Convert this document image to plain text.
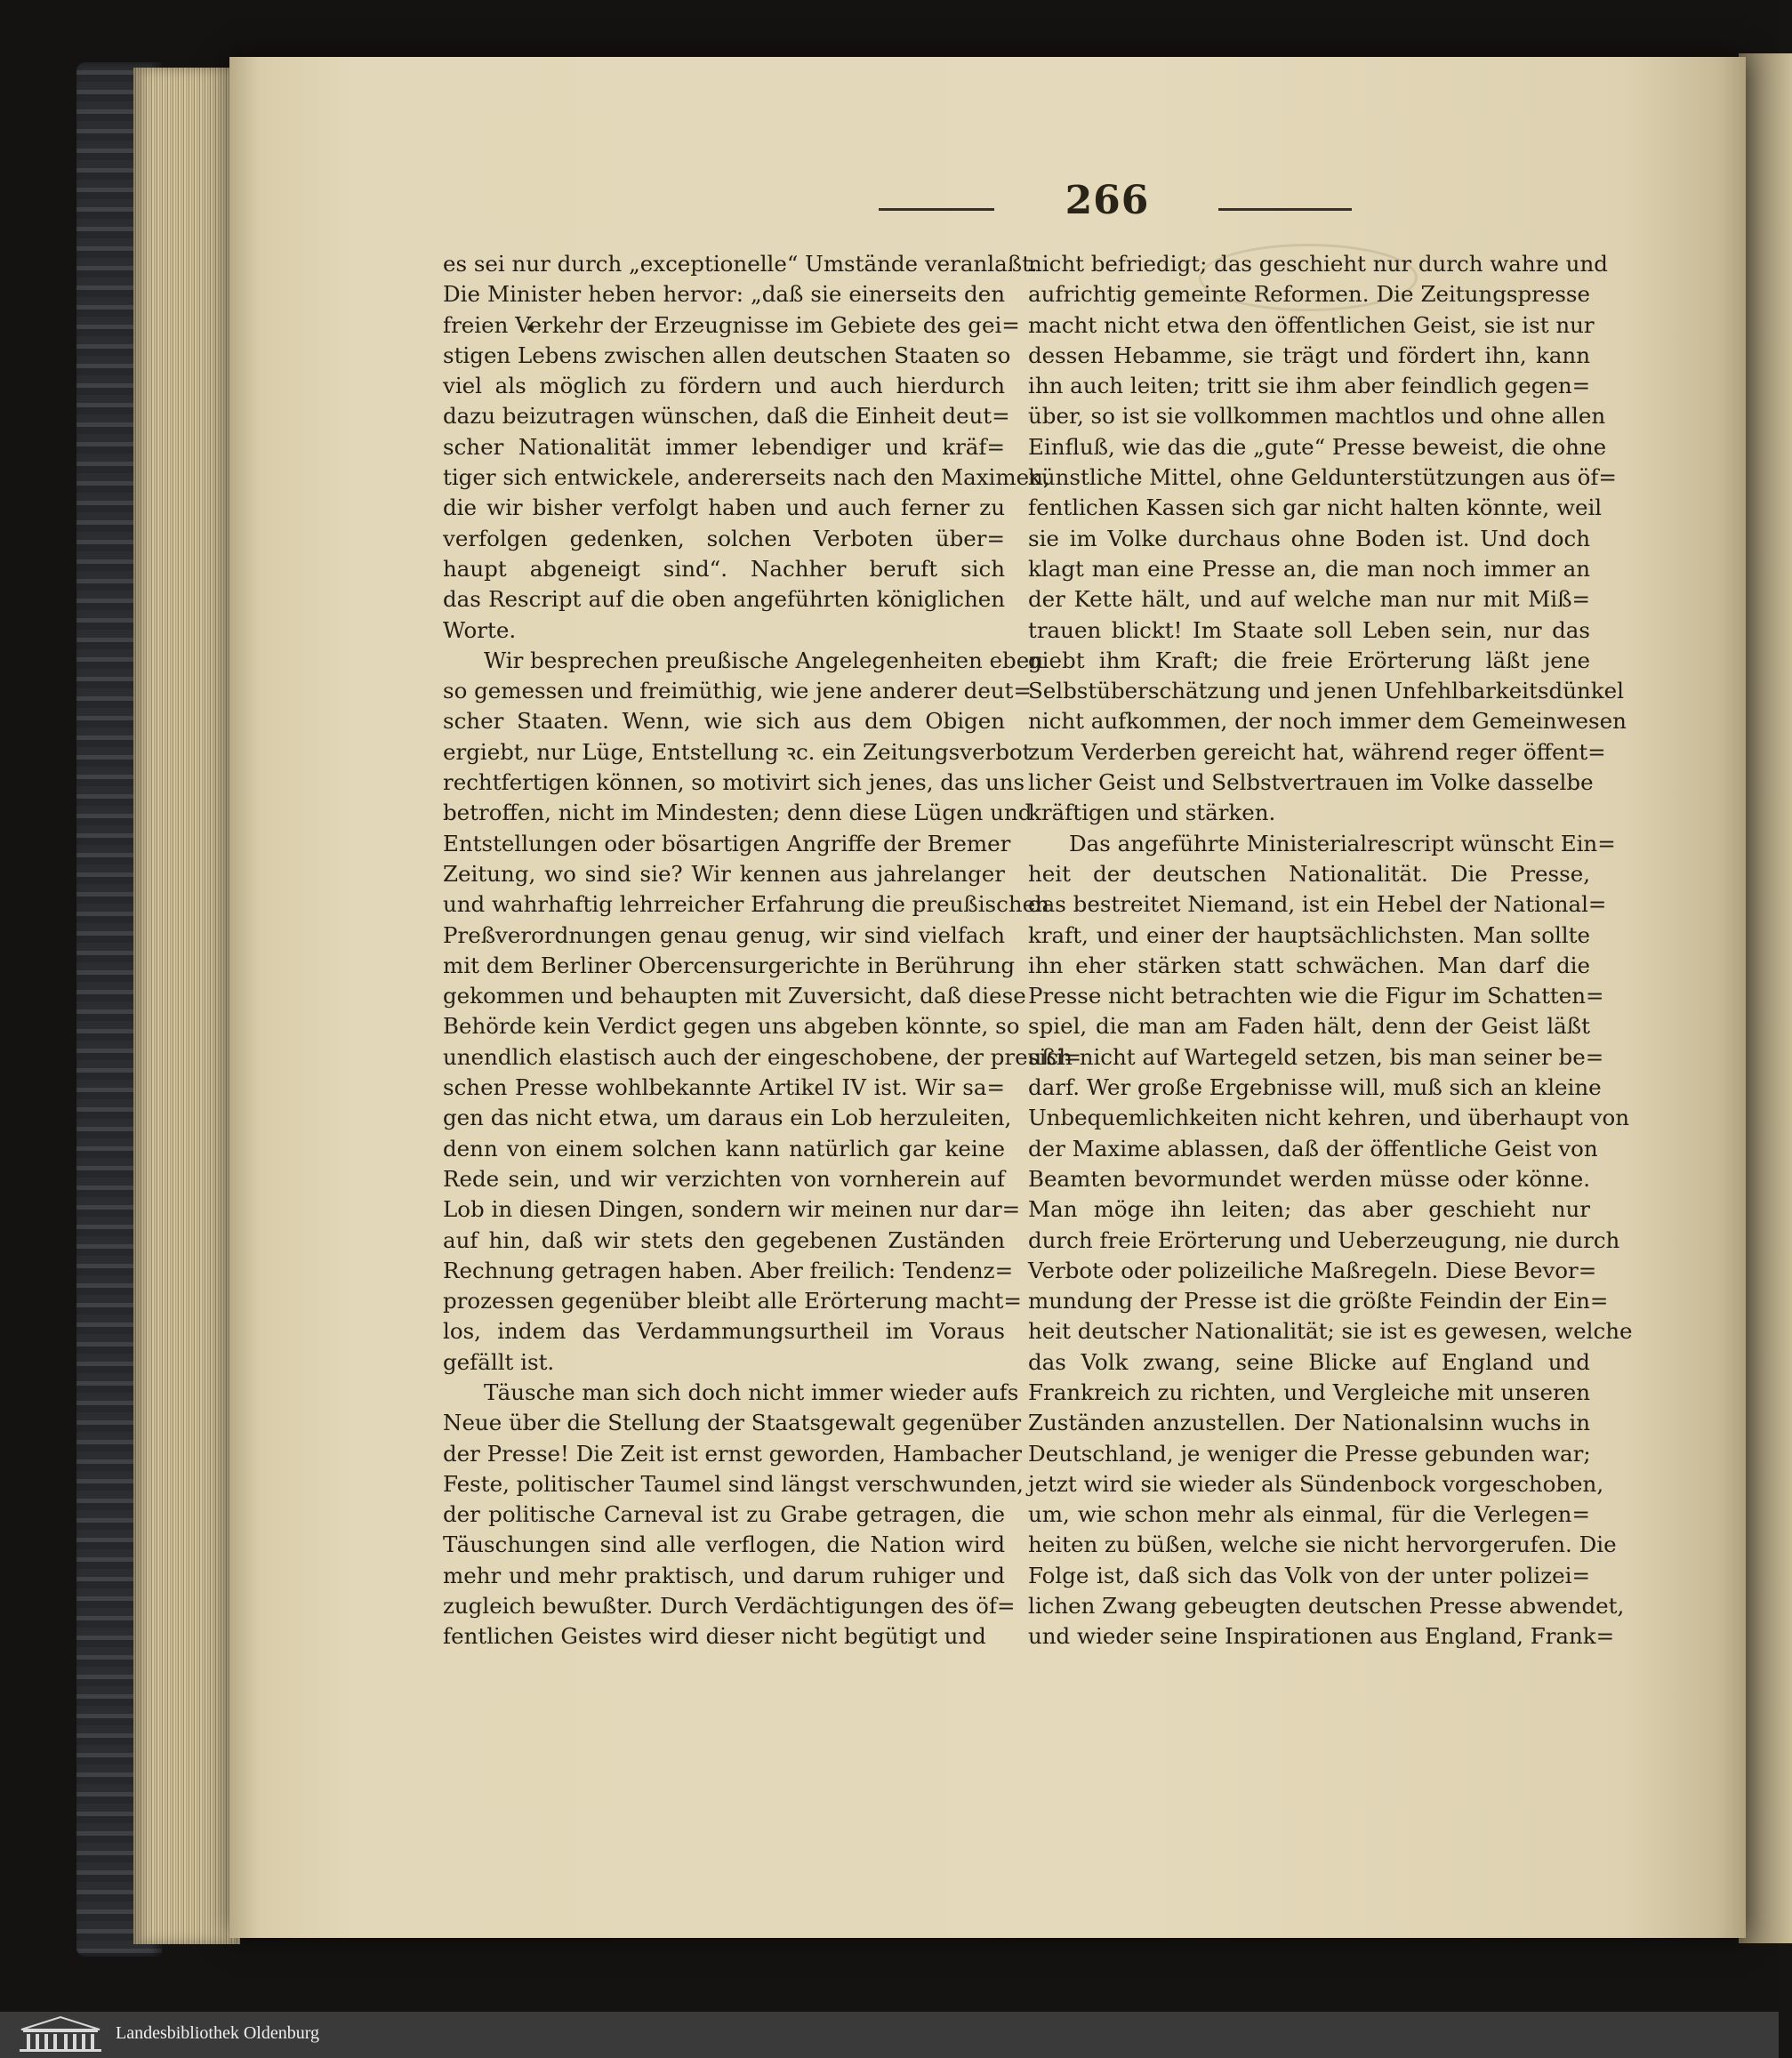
266
es sei nur durch „exceptionelle“ Umstände veranlaßt.
Die Minister heben hervor: „daß sie einerseits den
freien Verkehr der Erzeugnisse im Gebiete des gei=
stigen Lebens zwischen allen deutschen Staaten so
viel als möglich zu fördern und auch hierdurch
dazu beizutragen wünschen, daß die Einheit deut=
scher Nationalität immer lebendiger und kräf=
tiger sich entwickele, andererseits nach den Maximen,
die wir bisher verfolgt haben und auch ferner zu
verfolgen gedenken, solchen Verboten über=
haupt abgeneigt sind“. Nachher beruft sich
das Rescript auf die oben angeführten königlichen
Worte.
Wir besprechen preußische Angelegenheiten eben
so gemessen und freimüthig, wie jene anderer deut=
scher Staaten. Wenn, wie sich aus dem Obigen
ergiebt, nur Lüge, Entstellung ꝛc. ein Zeitungsverbot
rechtfertigen können, so motivirt sich jenes, das uns
betroffen, nicht im Mindesten; denn diese Lügen und
Entstellungen oder bösartigen Angriffe der Bremer
Zeitung, wo sind sie? Wir kennen aus jahrelanger
und wahrhaftig lehrreicher Erfahrung die preußischen
Preßverordnungen genau genug, wir sind vielfach
mit dem Berliner Obercensurgerichte in Berührung
gekommen und behaupten mit Zuversicht, daß diese
Behörde kein Verdict gegen uns abgeben könnte, so
unendlich elastisch auch der eingeschobene, der preußi=
schen Presse wohlbekannte Artikel IV ist. Wir sa=
gen das nicht etwa, um daraus ein Lob herzuleiten,
denn von einem solchen kann natürlich gar keine
Rede sein, und wir verzichten von vornherein auf
Lob in diesen Dingen, sondern wir meinen nur dar=
auf hin, daß wir stets den gegebenen Zuständen
Rechnung getragen haben. Aber freilich: Tendenz=
prozessen gegenüber bleibt alle Erörterung macht=
los, indem das Verdammungsurtheil im Voraus
gefällt ist.
Täusche man sich doch nicht immer wieder aufs
Neue über die Stellung der Staatsgewalt gegenüber
der Presse! Die Zeit ist ernst geworden, Hambacher
Feste, politischer Taumel sind längst verschwunden,
der politische Carneval ist zu Grabe getragen, die
Täuschungen sind alle verflogen, die Nation wird
mehr und mehr praktisch, und darum ruhiger und
zugleich bewußter. Durch Verdächtigungen des öf=
fentlichen Geistes wird dieser nicht begütigt und
nicht befriedigt; das geschieht nur durch wahre und
aufrichtig gemeinte Reformen. Die Zeitungspresse
macht nicht etwa den öffentlichen Geist, sie ist nur
dessen Hebamme, sie trägt und fördert ihn, kann
ihn auch leiten; tritt sie ihm aber feindlich gegen=
über, so ist sie vollkommen machtlos und ohne allen
Einfluß, wie das die „gute“ Presse beweist, die ohne
künstliche Mittel, ohne Geldunterstützungen aus öf=
fentlichen Kassen sich gar nicht halten könnte, weil
sie im Volke durchaus ohne Boden ist. Und doch
klagt man eine Presse an, die man noch immer an
der Kette hält, und auf welche man nur mit Miß=
trauen blickt! Im Staate soll Leben sein, nur das
giebt ihm Kraft; die freie Erörterung läßt jene
Selbstüberschätzung und jenen Unfehlbarkeitsdünkel
nicht aufkommen, der noch immer dem Gemeinwesen
zum Verderben gereicht hat, während reger öffent=
licher Geist und Selbstvertrauen im Volke dasselbe
kräftigen und stärken.
Das angeführte Ministerialrescript wünscht Ein=
heit der deutschen Nationalität. Die Presse,
das bestreitet Niemand, ist ein Hebel der National=
kraft, und einer der hauptsächlichsten. Man sollte
ihn eher stärken statt schwächen. Man darf die
Presse nicht betrachten wie die Figur im Schatten=
spiel, die man am Faden hält, denn der Geist läßt
sich nicht auf Wartegeld setzen, bis man seiner be=
darf. Wer große Ergebnisse will, muß sich an kleine
Unbequemlichkeiten nicht kehren, und überhaupt von
der Maxime ablassen, daß der öffentliche Geist von
Beamten bevormundet werden müsse oder könne.
Man möge ihn leiten; das aber geschieht nur
durch freie Erörterung und Ueberzeugung, nie durch
Verbote oder polizeiliche Maßregeln. Diese Bevor=
mundung der Presse ist die größte Feindin der Ein=
heit deutscher Nationalität; sie ist es gewesen, welche
das Volk zwang, seine Blicke auf England und
Frankreich zu richten, und Vergleiche mit unseren
Zuständen anzustellen. Der Nationalsinn wuchs in
Deutschland, je weniger die Presse gebunden war;
jetzt wird sie wieder als Sündenbock vorgeschoben,
um, wie schon mehr als einmal, für die Verlegen=
heiten zu büßen, welche sie nicht hervorgerufen. Die
Folge ist, daß sich das Volk von der unter polizei=
lichen Zwang gebeugten deutschen Presse abwendet,
und wieder seine Inspirationen aus England, Frank=
Landesbibliothek Oldenburg
